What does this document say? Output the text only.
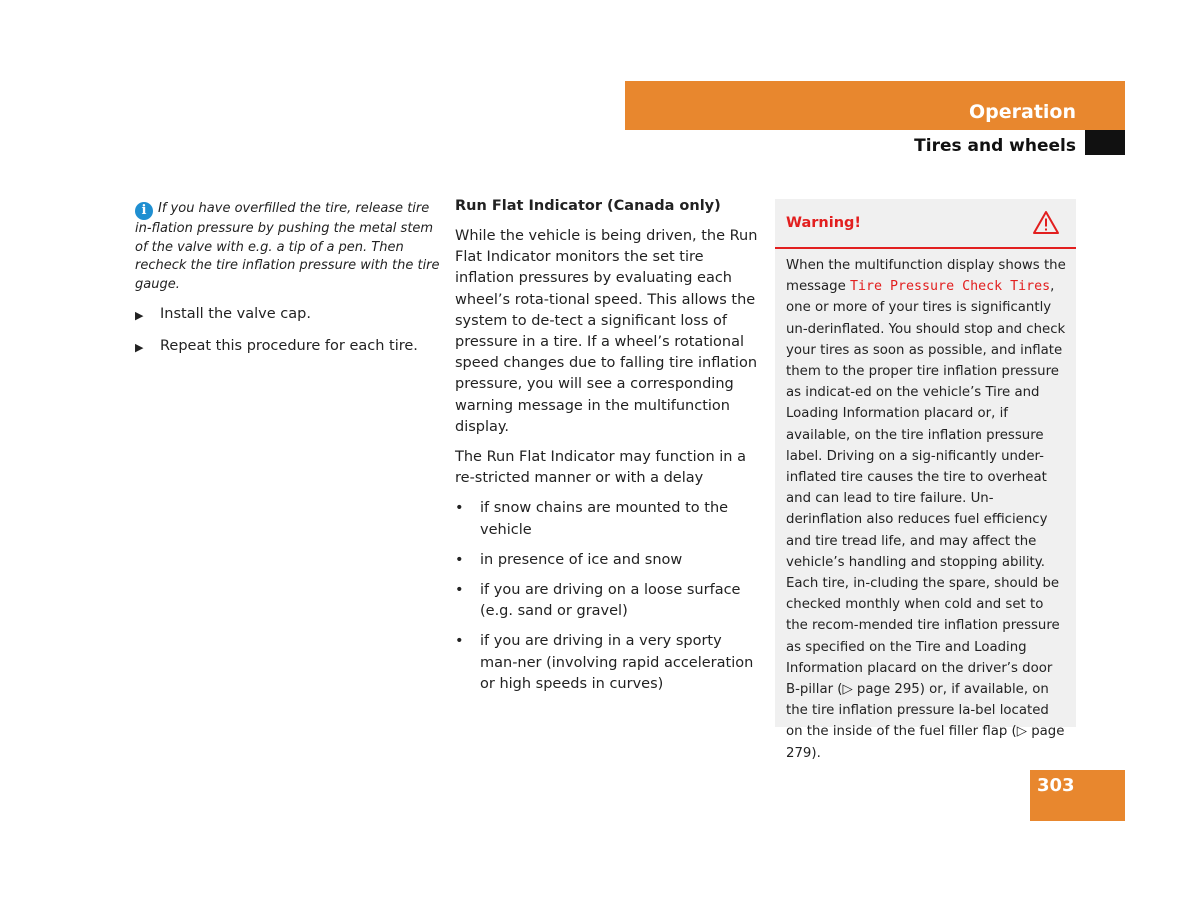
Operation
Tires and wheels

i If you have overfilled the tire, release tire in-flation pressure by pushing the metal stem of the valve with e.g. a tip of a pen. Then recheck the tire inflation pressure with the tire gauge.

▶	Install the valve cap.
▶	Repeat this procedure for each tire.
Run Flat Indicator (Canada only)

While the vehicle is being driven, the Run Flat Indicator monitors the set tire inflation pressures by evaluating each wheel’s rota-tional speed. This allows the system to de-tect a significant loss of pressure in a tire. If a wheel’s rotational speed changes due to falling tire inflation pressure, you will see a corresponding warning message in the multifunction display.

The Run Flat Indicator may function in a re-stricted manner or with a delay

•	if snow chains are mounted to the vehicle
•	in presence of ice and snow
•	if you are driving on a loose surface (e.g. sand or gravel)
•	if you are driving in a very sporty man-ner (involving rapid acceleration or high speeds in curves)
Warning!
When the multifunction display shows the message Tire Pressure Check Tires, one or more of your tires is significantly un-derinflated. You should stop and check your tires as soon as possible, and inflate them to the proper tire inflation pressure as indicat-ed on the vehicle’s Tire and Loading Information placard or, if available, on the tire inflation pressure label. Driving on a sig-nificantly under-inflated tire causes the tire to overheat and can lead to tire failure. Un-derinflation also reduces fuel efficiency and tire tread life, and may affect the vehicle’s handling and stopping ability. Each tire, in-cluding the spare, should be checked monthly when cold and set to the recom-mended tire inflation pressure as specified on the Tire and Loading Information placard on the driver’s door B-pillar (▷ page 295) or, if available, on the tire inflation pressure la-bel located on the inside of the fuel filler flap (▷ page 279).
303
